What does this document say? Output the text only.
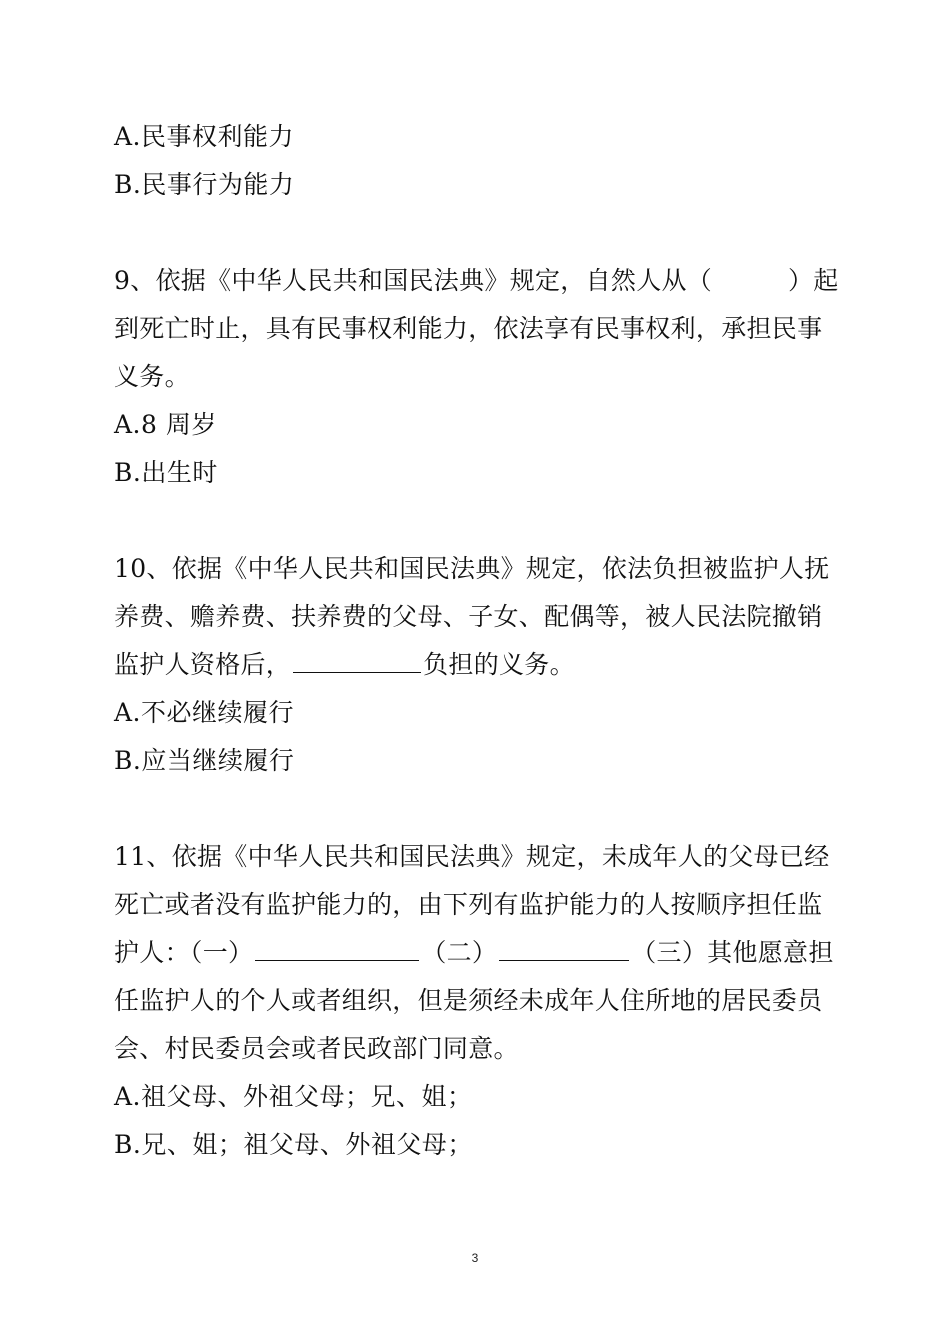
A.民事权利能力
B.民事行为能力
9、依据《中华人民共和国民法典》规定，自然人从（　　　）起
到死亡时止，具有民事权利能力，依法享有民事权利，承担民事
义务。
A.8 周岁
B.出生时
10、依据《中华人民共和国民法典》规定，依法负担被监护人抚
养费、赡养费、扶养费的父母、子女、配偶等，被人民法院撤销
监护人资格后，	负担的义务。
A.不必继续履行
B.应当继续履行
11、依据《中华人民共和国民法典》规定，未成年人的父母已经
死亡或者没有监护能力的，由下列有监护能力的人按顺序担任监
护人：（一）	（二）	（三）其他愿意担
任监护人的个人或者组织，但是须经未成年人住所地的居民委员
会、村民委员会或者民政部门同意。
A.祖父母、外祖父母；兄、姐；
B.兄、姐；祖父母、外祖父母；
3
